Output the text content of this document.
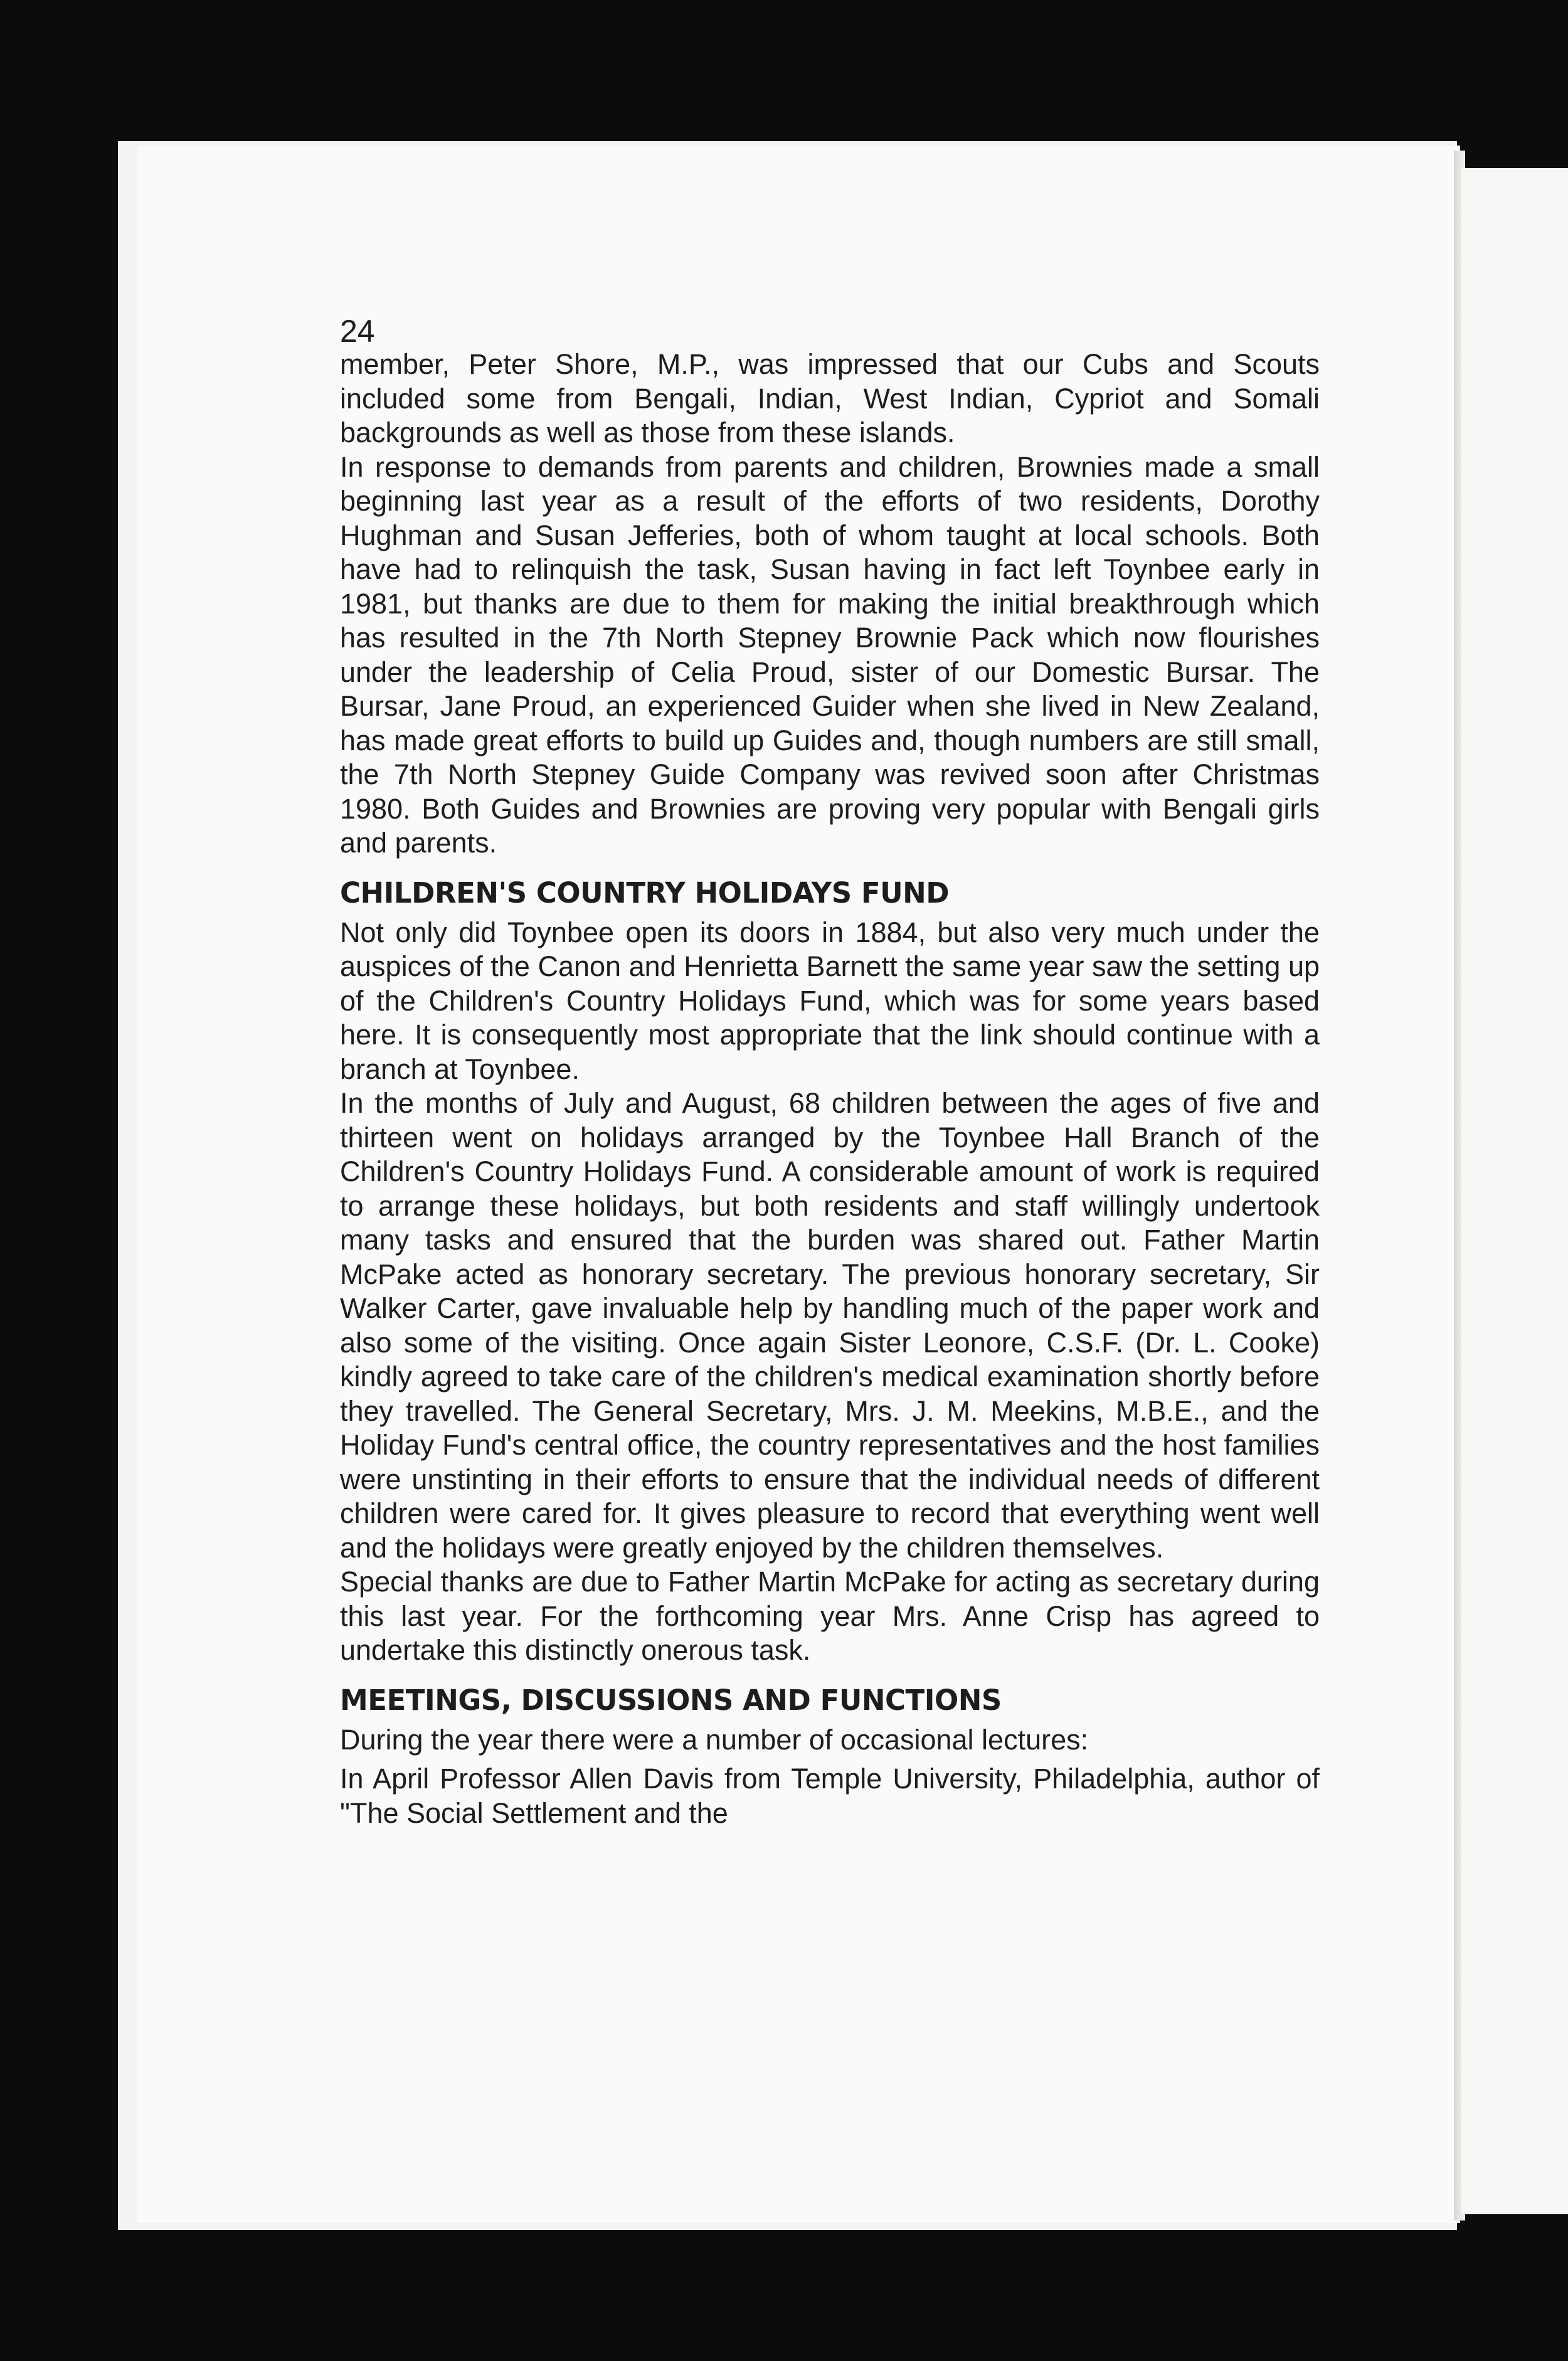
24

member, Peter Shore, M.P., was impressed that our Cubs and Scouts included some from Bengali, Indian, West Indian, Cypriot and Somali backgrounds as well as those from these islands.

In response to demands from parents and children, Brownies made a small beginning last year as a result of the efforts of two residents, Dorothy Hughman and Susan Jefferies, both of whom taught at local schools. Both have had to relinquish the task, Susan having in fact left Toynbee early in 1981, but thanks are due to them for making the initial breakthrough which has resulted in the 7th North Stepney Brownie Pack which now flourishes under the leadership of Celia Proud, sister of our Domestic Bursar. The Bursar, Jane Proud, an experienced Guider when she lived in New Zealand, has made great efforts to build up Guides and, though numbers are still small, the 7th North Stepney Guide Company was revived soon after Christmas 1980. Both Guides and Brownies are proving very popular with Bengali girls and parents.

CHILDREN'S COUNTRY HOLIDAYS FUND

Not only did Toynbee open its doors in 1884, but also very much under the auspices of the Canon and Henrietta Barnett the same year saw the setting up of the Children's Country Holidays Fund, which was for some years based here. It is consequently most appropriate that the link should continue with a branch at Toynbee.

In the months of July and August, 68 children between the ages of five and thirteen went on holidays arranged by the Toynbee Hall Branch of the Children's Country Holidays Fund. A considerable amount of work is required to arrange these holidays, but both residents and staff willingly undertook many tasks and ensured that the burden was shared out. Father Martin McPake acted as honorary secretary. The previous honorary secretary, Sir Walker Carter, gave invaluable help by handling much of the paper work and also some of the visiting. Once again Sister Leonore, C.S.F. (Dr. L. Cooke) kindly agreed to take care of the children's medical examination shortly before they travelled. The General Secretary, Mrs. J. M. Meekins, M.B.E., and the Holiday Fund's central office, the country representatives and the host families were unstinting in their efforts to ensure that the individual needs of different children were cared for. It gives pleasure to record that everything went well and the holidays were greatly enjoyed by the children themselves.

Special thanks are due to Father Martin McPake for acting as secretary during this last year. For the forthcoming year Mrs. Anne Crisp has agreed to undertake this distinctly onerous task.

MEETINGS, DISCUSSIONS AND FUNCTIONS

During the year there were a number of occasional lectures:

In April Professor Allen Davis from Temple University, Philadelphia, author of "The Social Settlement and the
